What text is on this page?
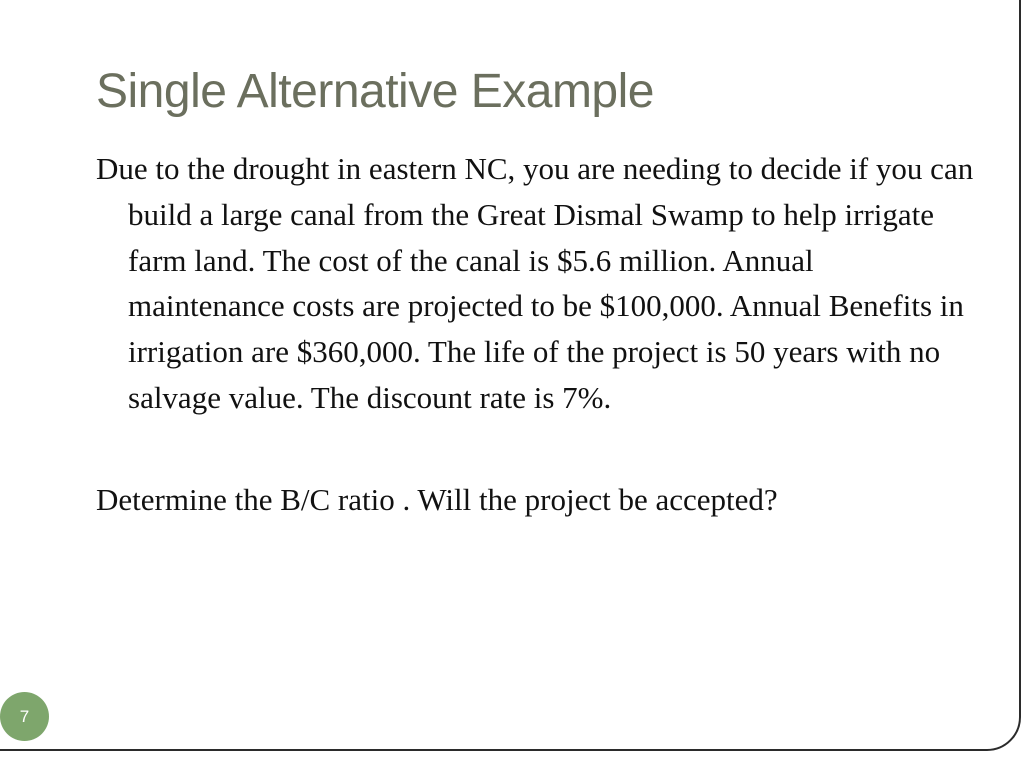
Single Alternative Example

Due to the drought in eastern NC, you are needing to decide if you can build a large canal from the Great Dismal Swamp to help irrigate farm land. The cost of the canal is $5.6 million. Annual maintenance costs are projected to be $100,000. Annual Benefits in irrigation are $360,000. The life of the project is 50 years with no salvage value. The discount rate is 7%.

Determine the B/C ratio . Will the project be accepted?

7
